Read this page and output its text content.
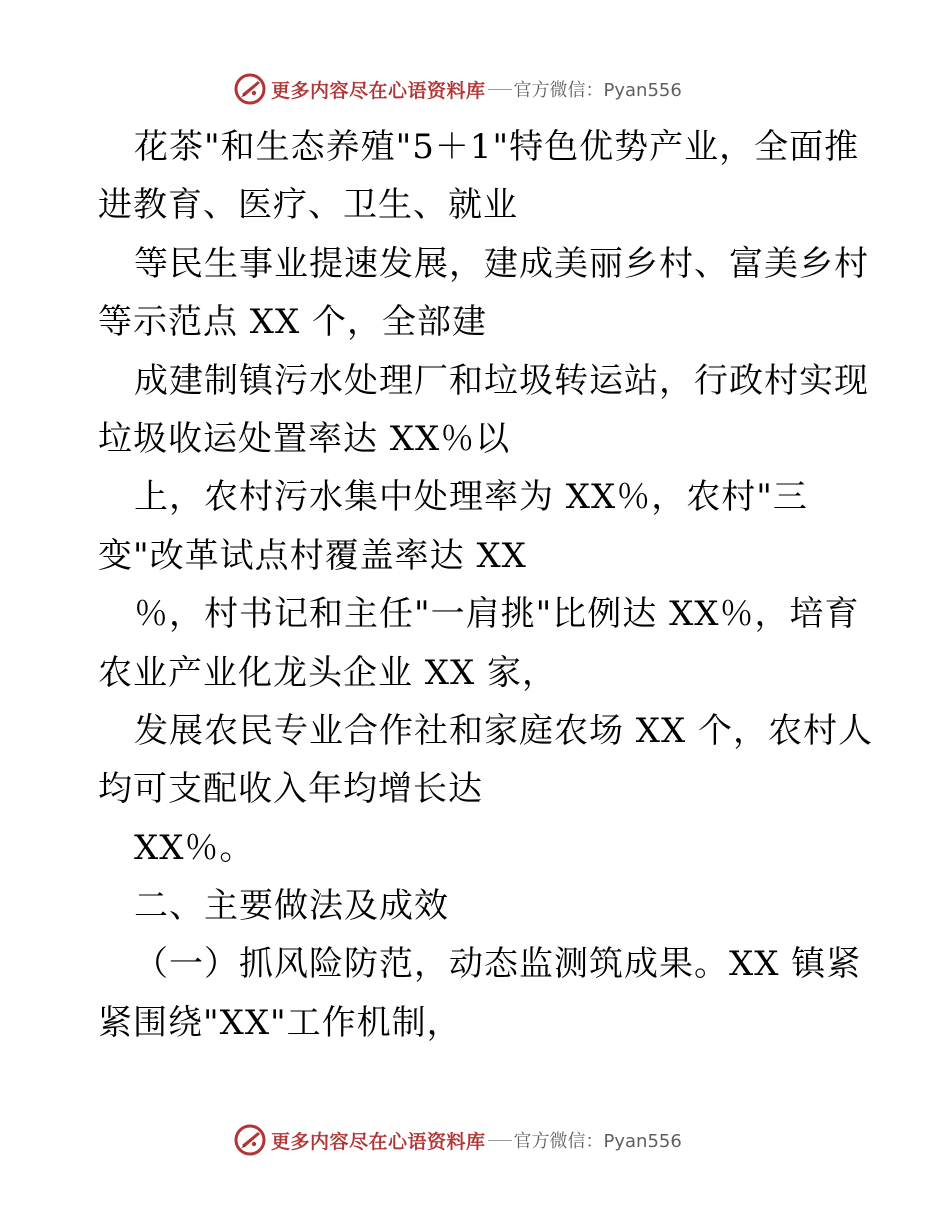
更多内容尽在心语资料库 官方微信：Pyan556
花茶"和生态养殖"5＋1"特色优势产业，全面推
进教育、医疗、卫生、就业
等民生事业提速发展，建成美丽乡村、富美乡村
等示范点 XX 个，全部建
成建制镇污水处理厂和垃圾转运站，行政村实现
垃圾收运处置率达 XX％以
上，农村污水集中处理率为 XX％，农村"三
变"改革试点村覆盖率达 XX
％，村书记和主任"一肩挑"比例达 XX％，培育
农业产业化龙头企业 XX 家，
发展农民专业合作社和家庭农场 XX 个，农村人
均可支配收入年均增长达
XX％。
二、主要做法及成效
（一）抓风险防范，动态监测筑成果。XX 镇紧
紧围绕"XX"工作机制，
更多内容尽在心语资料库 官方微信：Pyan556
